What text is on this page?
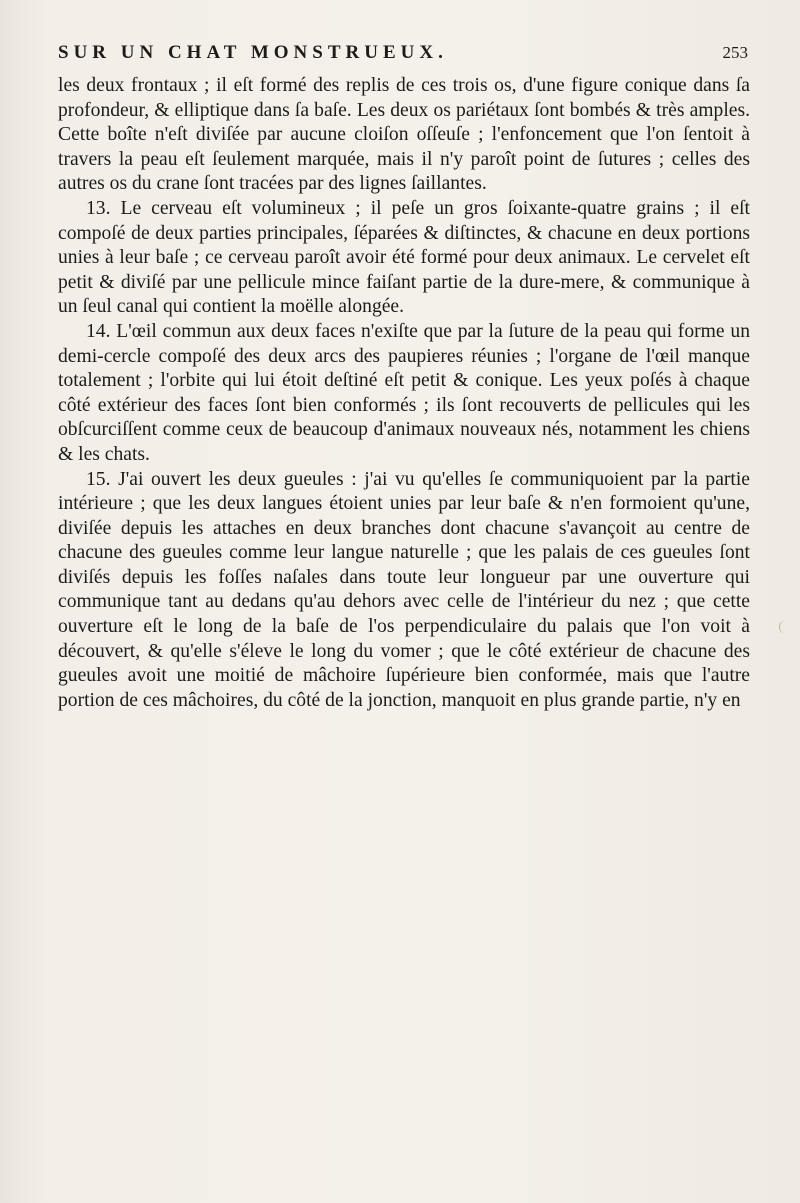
SUR UN CHAT MONSTRUEUX.	253

les deux frontaux ; il eſt formé des replis de ces trois os, d'une figure conique dans ſa profondeur, & elliptique dans ſa baſe. Les deux os pariétaux ſont bombés & très amples. Cette boîte n'eſt diviſée par aucune cloiſon oſſeuſe ; l'enfoncement que l'on ſentoit à travers la peau eſt ſeulement marquée, mais il n'y paroît point de ſutures ; celles des autres os du crane ſont tracées par des lignes ſaillantes.

13. Le cerveau eſt volumineux ; il peſe un gros ſoixante-quatre grains ; il eſt compoſé de deux parties principales, ſéparées & diſtinctes, & chacune en deux portions unies à leur baſe ; ce cerveau paroît avoir été formé pour deux animaux. Le cervelet eſt petit & diviſé par une pellicule mince faiſant partie de la dure-mere, & communique à un ſeul canal qui contient la moëlle alongée.

14. L'œil commun aux deux faces n'exiſte que par la ſuture de la peau qui forme un demi-cercle compoſé des deux arcs des paupieres réunies ; l'organe de l'œil manque totalement ; l'orbite qui lui étoit deſtiné eſt petit & conique. Les yeux poſés à chaque côté extérieur des faces ſont bien conformés ; ils ſont recouverts de pellicules qui les obſcurciſſent comme ceux de beaucoup d'animaux nouveaux nés, notamment les chiens & les chats.

15. J'ai ouvert les deux gueules : j'ai vu qu'elles ſe communiquoient par la partie intérieure ; que les deux langues étoient unies par leur baſe & n'en formoient qu'une, diviſée depuis les attaches en deux branches dont chacune s'avançoit au centre de chacune des gueules comme leur langue naturelle ; que les palais de ces gueules ſont diviſés depuis les foſſes naſales dans toute leur longueur par une ouverture qui communique tant au dedans qu'au dehors avec celle de l'intérieur du nez ; que cette ouverture eſt le long de la baſe de l'os perpendiculaire du palais que l'on voit à découvert, & qu'elle s'éleve le long du vomer ; que le côté extérieur de chacune des gueules avoit une moitié de mâchoire ſupérieure bien conformée, mais que l'autre portion de ces mâchoires, du côté de la jonction, manquoit en plus grande partie, n'y en
